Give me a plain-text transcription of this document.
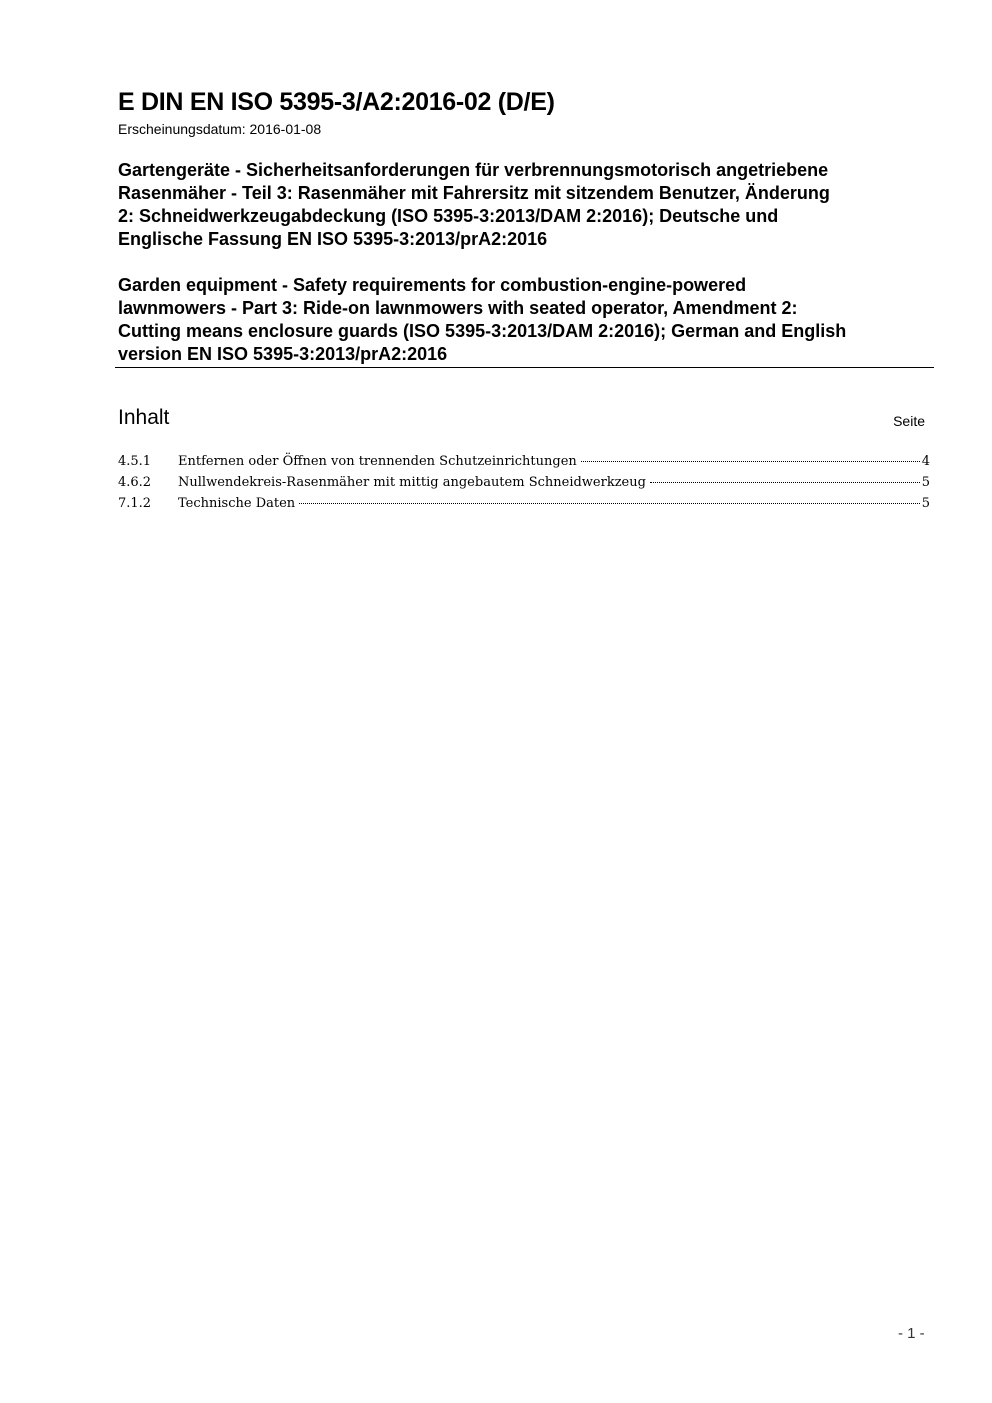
E DIN EN ISO 5395-3/A2:2016-02 (D/E)
Erscheinungsdatum: 2016-01-08
Gartengeräte - Sicherheitsanforderungen für verbrennungsmotorisch angetriebene
Rasenmäher - Teil 3: Rasenmäher mit Fahrersitz mit sitzendem Benutzer, Änderung
2: Schneidwerkzeugabdeckung (ISO 5395-3:2013/DAM 2:2016); Deutsche und
Englische Fassung EN ISO 5395-3:2013/prA2:2016
Garden equipment - Safety requirements for combustion-engine-powered
lawnmowers - Part 3: Ride-on lawnmowers with seated operator, Amendment 2:
Cutting means enclosure guards (ISO 5395-3:2013/DAM 2:2016); German and English
version EN ISO 5395-3:2013/prA2:2016
Inhalt	Seite
4.5.1	Entfernen oder Öffnen von trennenden Schutzeinrichtungen	4
4.6.2	Nullwendekreis-Rasenmäher mit mittig angebautem Schneidwerkzeug	5
7.1.2	Technische Daten	5
- 1 -
